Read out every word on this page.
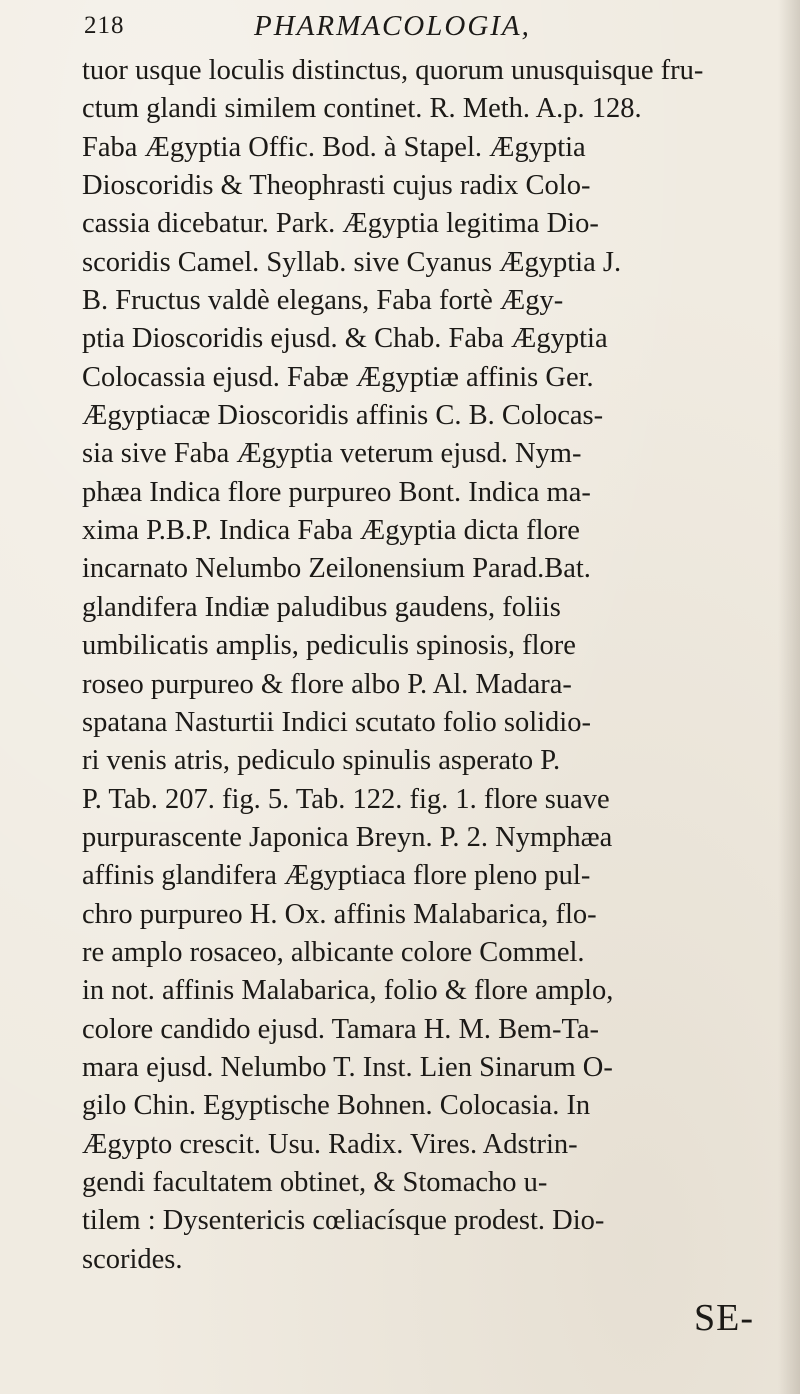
218	PHARMACOLOGIA,
tuor usque loculis distinctus, quorum unusquisque fru-
ctum glandi similem continet. R. Meth. A.p. 128.
Faba Ægyptia Offic. Bod. à Stapel. Ægyptia
Dioscoridis & Theophrasti cujus radix Colo-
cassia dicebatur. Park. Ægyptia legitima Dio-
scoridis Camel. Syllab. sive Cyanus Ægyptia J.
B. Fructus valdè elegans, Faba fortè Ægy-
ptia Dioscoridis ejusd. & Chab. Faba Ægyptia
Colocassia ejusd. Fabæ Ægyptiæ affinis Ger.
Ægyptiacæ Dioscoridis affinis C. B. Colocas-
sia sive Faba Ægyptia veterum ejusd. Nym-
phæa Indica flore purpureo Bont. Indica ma-
xima P.B.P. Indica Faba Ægyptia dicta flore
incarnato Nelumbo Zeilonensium Parad.Bat.
glandifera Indiæ paludibus gaudens, foliis
umbilicatis amplis, pediculis spinosis, flore
roseo purpureo & flore albo P. Al. Madara-
spatana Nasturtii Indici scutato folio solidio-
ri venis atris, pediculo spinulis asperato P.
P. Tab. 207. fig. 5. Tab. 122. fig. 1. flore suave
purpurascente Japonica Breyn. P. 2. Nymphæa
affinis glandifera Ægyptiaca flore pleno pul-
chro purpureo H. Ox. affinis Malabarica, flo-
re amplo rosaceo, albicante colore Commel.
in not. affinis Malabarica, folio & flore amplo,
colore candido ejusd. Tamara H. M. Bem-Ta-
mara ejusd. Nelumbo T. Inst. Lien Sinarum O-
gilo Chin. Egyptische Bohnen. Colocasia. In
Ægypto crescit. Usu. Radix. Vires. Adstrin-
gendi facultatem obtinet, & Stomacho u-
tilem : Dysentericis cœliacísque prodest. Dio-
scorides.
SE-
